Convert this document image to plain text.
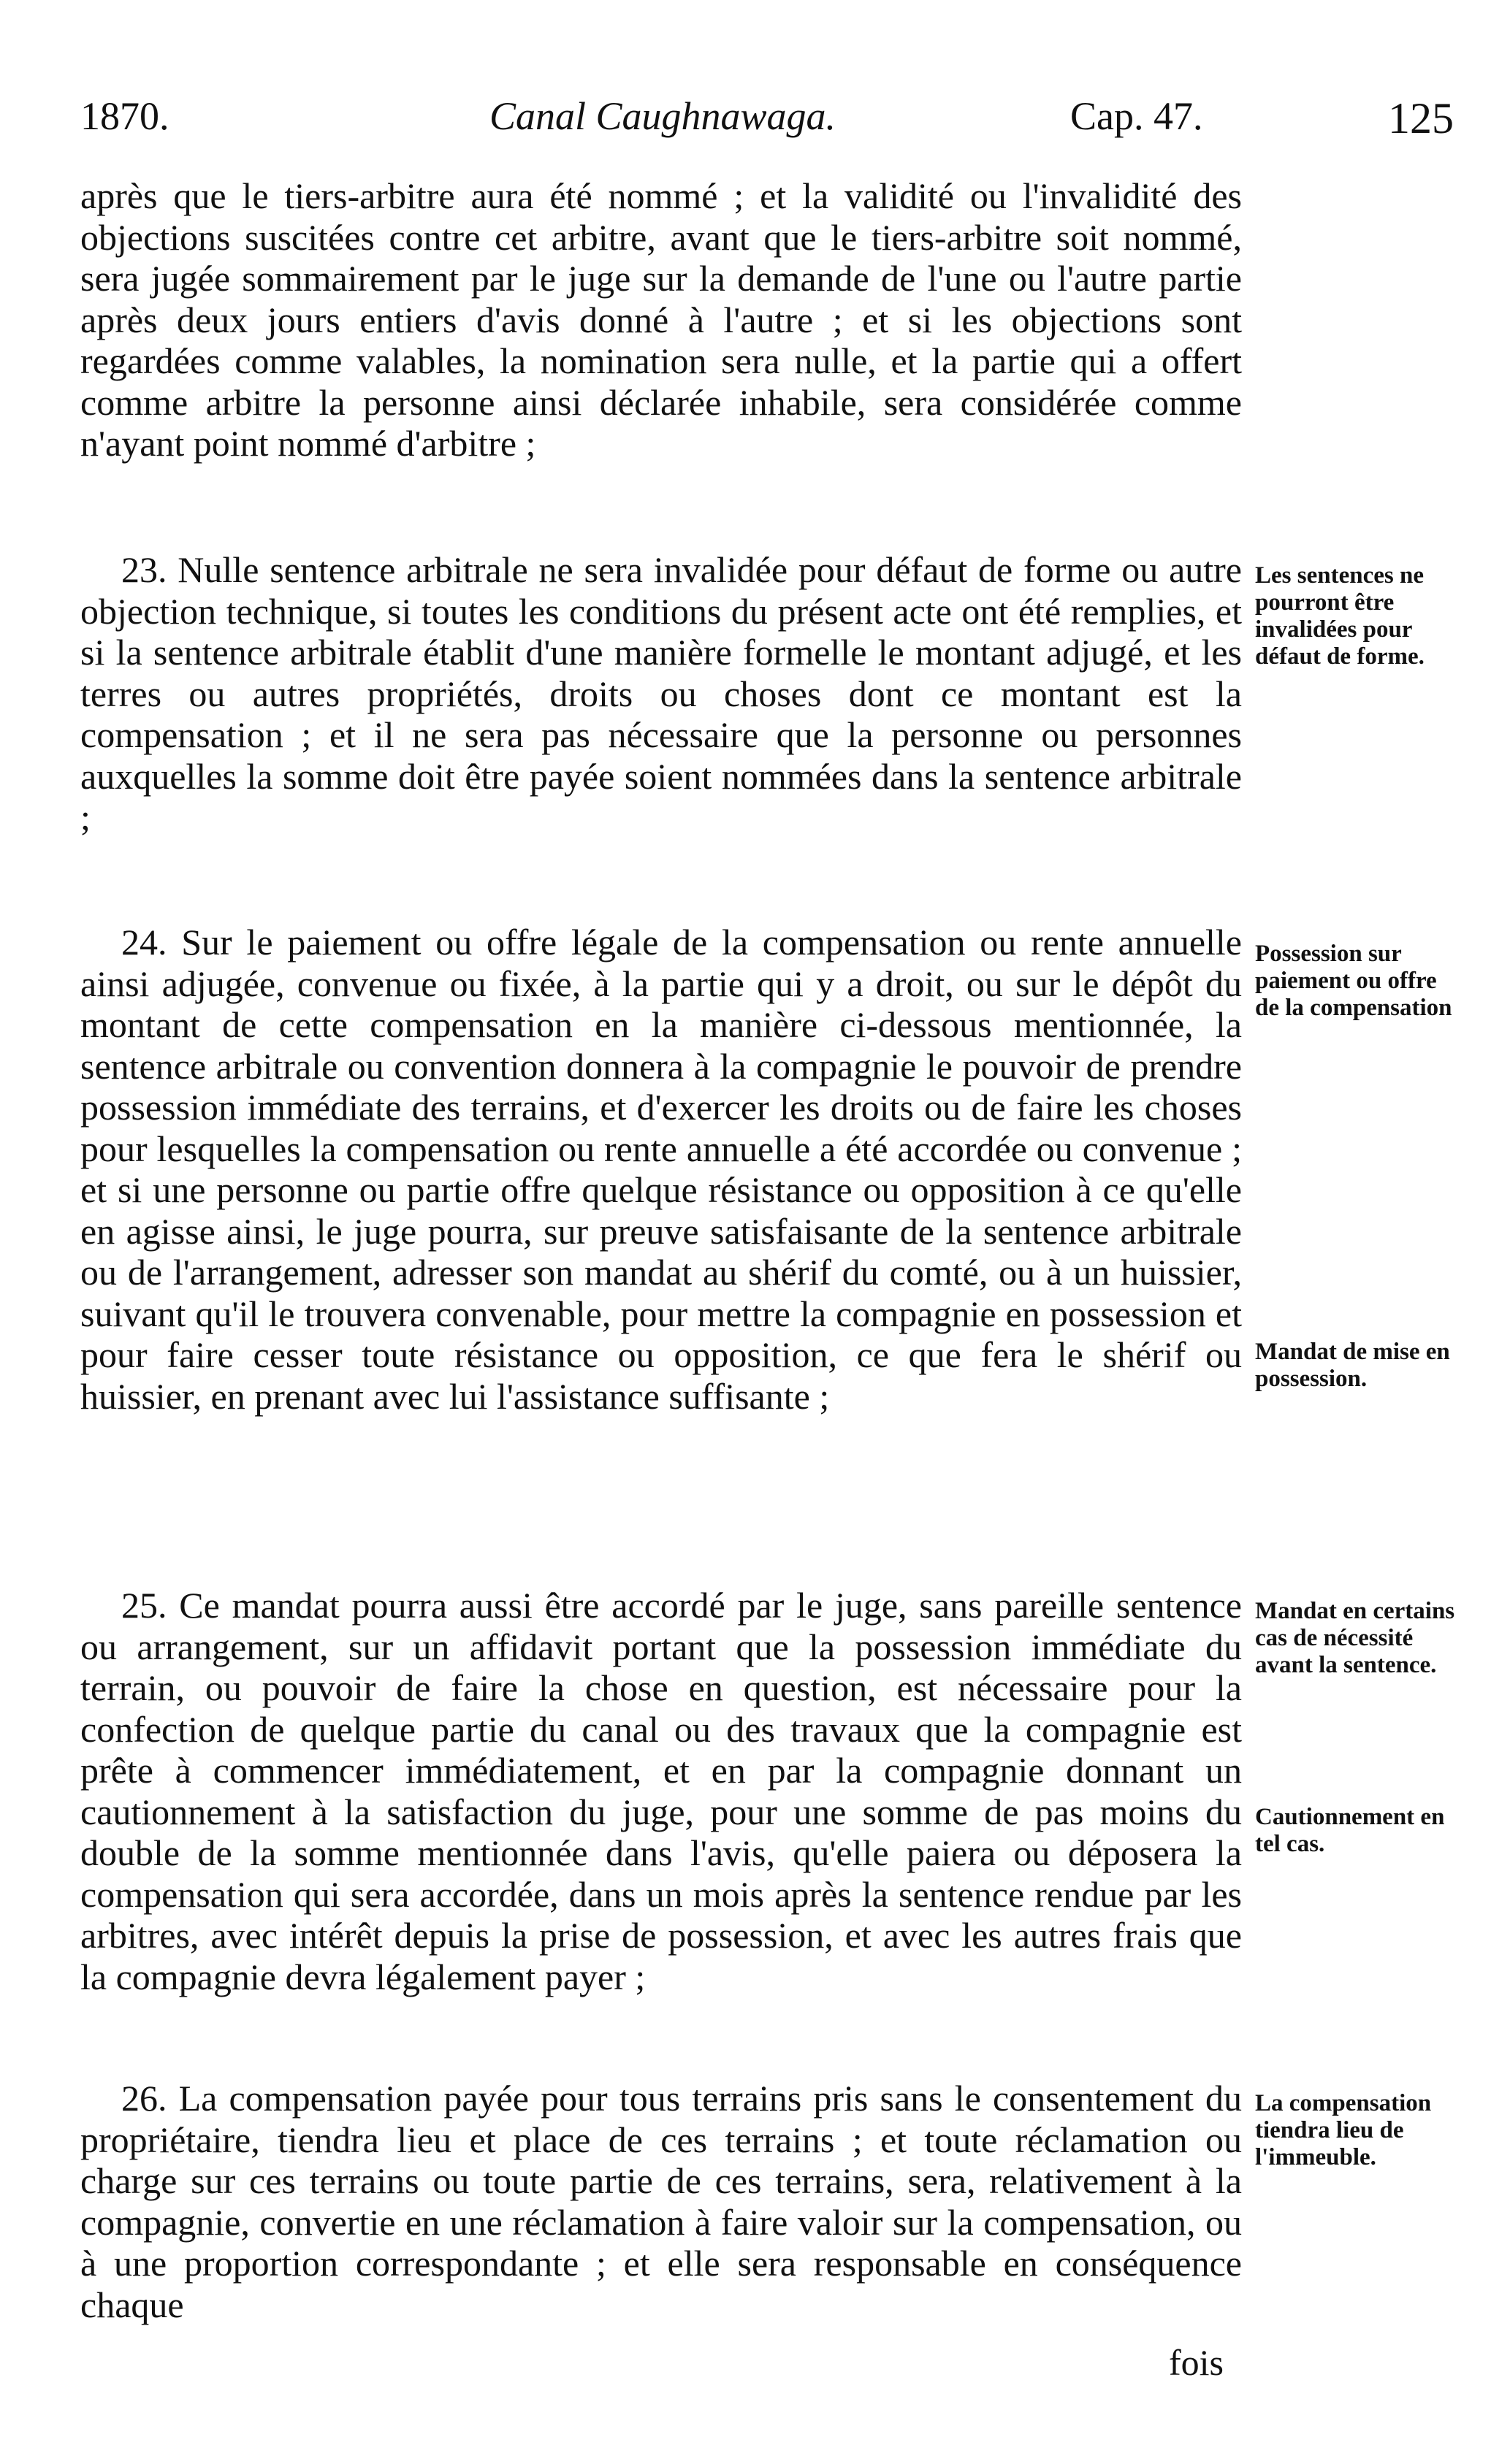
1870.	Canal Caughnawaga.	Cap. 47.	125
après que le tiers-arbitre aura été nommé ; et la validité ou l'invalidité des objections suscitées contre cet arbitre, avant que le tiers-arbitre soit nommé, sera jugée sommairement par le juge sur la demande de l'une ou l'autre partie après deux jours entiers d'avis donné à l'autre ; et si les objections sont regardées comme valables, la nomination sera nulle, et la partie qui a offert comme arbitre la personne ainsi déclarée inhabile, sera considérée comme n'ayant point nommé d'arbitre ;
23. Nulle sentence arbitrale ne sera invalidée pour défaut de forme ou autre objection technique, si toutes les conditions du présent acte ont été remplies, et si la sentence arbitrale établit d'une manière formelle le montant adjugé, et les terres ou autres propriétés, droits ou choses dont ce montant est la compensation ; et il ne sera pas nécessaire que la personne ou personnes auxquelles la somme doit être payée soient nommées dans la sentence arbitrale ;
24. Sur le paiement ou offre légale de la compensation ou rente annuelle ainsi adjugée, convenue ou fixée, à la partie qui y a droit, ou sur le dépôt du montant de cette compensation en la manière ci-dessous mentionnée, la sentence arbitrale ou convention donnera à la compagnie le pouvoir de prendre possession immédiate des terrains, et d'exercer les droits ou de faire les choses pour lesquelles la compensation ou rente annuelle a été accordée ou convenue ; et si une personne ou partie offre quelque résistance ou opposition à ce qu'elle en agisse ainsi, le juge pourra, sur preuve satisfaisante de la sentence arbitrale ou de l'arrangement, adresser son mandat au shérif du comté, ou à un huissier, suivant qu'il le trouvera convenable, pour mettre la compagnie en possession et pour faire cesser toute résistance ou opposition, ce que fera le shérif ou huissier, en prenant avec lui l'assistance suffisante ;
25. Ce mandat pourra aussi être accordé par le juge, sans pareille sentence ou arrangement, sur un affidavit portant que la possession immédiate du terrain, ou pouvoir de faire la chose en question, est nécessaire pour la confection de quelque partie du canal ou des travaux que la compagnie est prête à commencer immédiatement, et en par la compagnie donnant un cautionnement à la satisfaction du juge, pour une somme de pas moins du double de la somme mentionnée dans l'avis, qu'elle paiera ou déposera la compensation qui sera accordée, dans un mois après la sentence rendue par les arbitres, avec intérêt depuis la prise de possession, et avec les autres frais que la compagnie devra légalement payer ;
26. La compensation payée pour tous terrains pris sans le consentement du propriétaire, tiendra lieu et place de ces terrains ; et toute réclamation ou charge sur ces terrains ou toute partie de ces terrains, sera, relativement à la compagnie, convertie en une réclamation à faire valoir sur la compensation, ou à une proportion correspondante ; et elle sera responsable en conséquence chaque
fois
Les sentences ne pourront être invalidées pour défaut de forme.
Possession sur paiement ou offre de la compensation
Mandat de mise en possession.
Mandat en certains cas de nécessité avant la sentence.
Cautionnement en tel cas.
La compensation tiendra lieu de l'immeuble.
